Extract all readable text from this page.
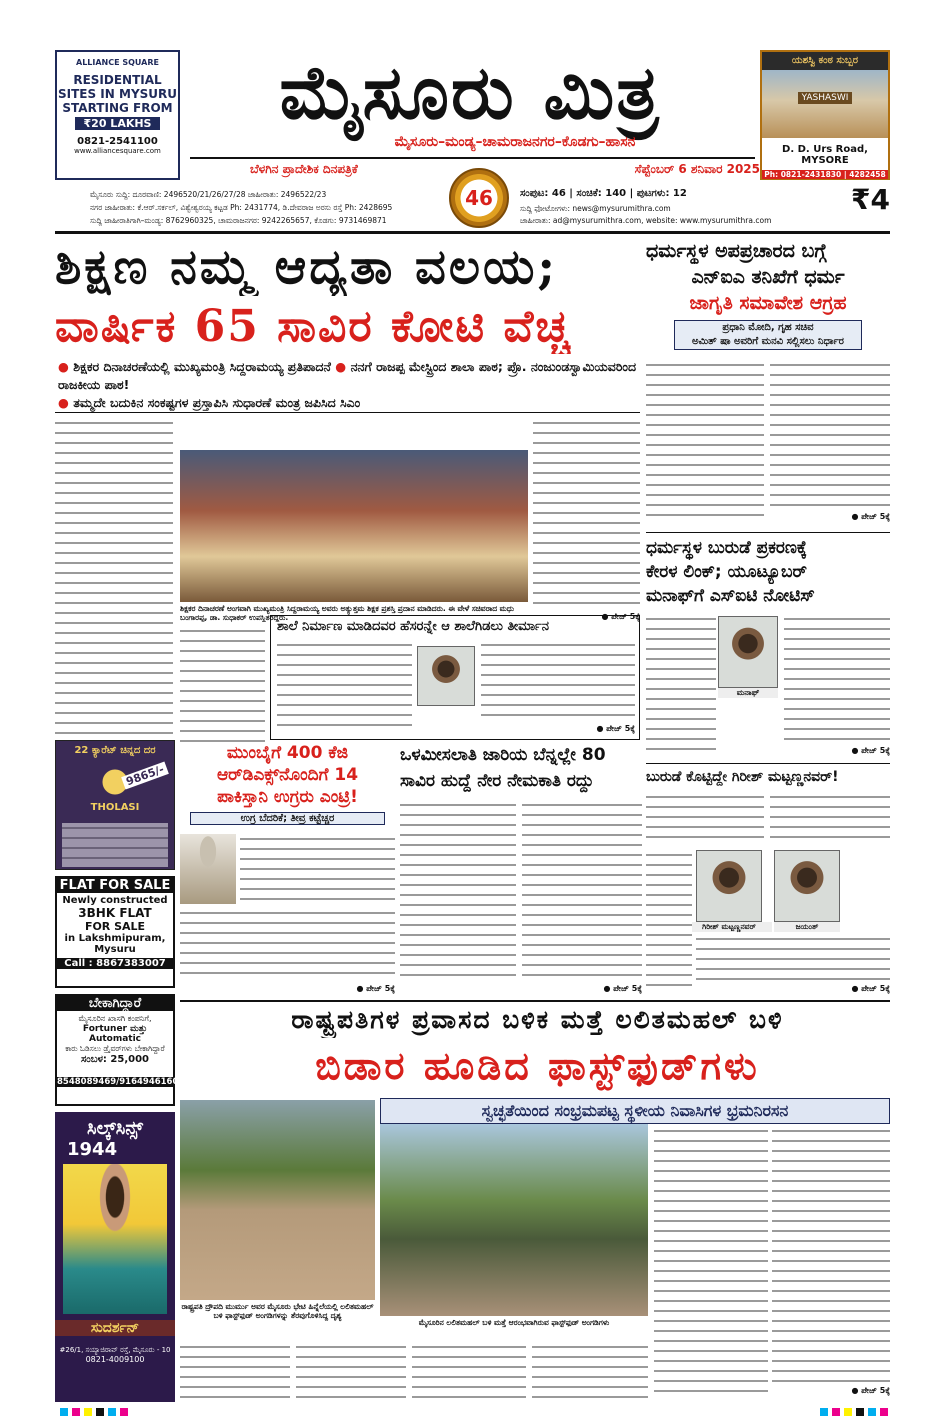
ALLIANCE SQUARE
RESIDENTIAL
SITES IN MYSURU
STARTING FROM
₹20 LAKHS
0821-2541100
www.alliancesquare.com
ಮೈಸೂರು ಮಿತ್ರ
ಮೈಸೂರು–ಮಂಡ್ಯ–ಚಾಮರಾಜನಗರ–ಕೊಡಗು–ಹಾಸನ
ಬೆಳಗಿನ ಪ್ರಾದೇಶಿಕ ದಿನಪತ್ರಿಕೆ	ಸೆಪ್ಟೆಂಬರ್ 6 ಶನಿವಾರ 2025
46
ಯಶಸ್ವಿ ಕಂಠ ಸುಬ್ಬರ
YASHASWI
D. D. Urs Road, MYSORE
Ph: 0821-2431830 | 4282458
ಸಂಪುಟ: 46 | ಸಂಚಿಕೆ: 140 | ಪುಟಗಳು: 12	₹4
ಮೈಸೂರು ಸುದ್ದಿ: ದೂರವಾಣಿ: 2496520/21/26/27/28 ಜಾಹೀರಾತು: 2496522/23
ನಗರ ಜಾಹೀರಾತು: ಕೆ.ಆರ್.ಸರ್ಕಲ್, ವಿಶ್ವೇಶ್ವರಯ್ಯ ಕಟ್ಟಡ Ph: 2431774, ಡಿ.ದೇವರಾಜ ಅರಸು ರಸ್ತೆ Ph: 2428695
ಸುದ್ದಿ ಜಾಹೀರಾತಿಗಾಗಿ–ಮಂಡ್ಯ: 8762960325, ಚಾಮರಾಜನಗರ: 9242265657, ಕೊಡಗು: 9731469871
ಸುದ್ದಿ ಫೋಟೋಗಳು: news@mysurumithra.com
ಜಾಹೀರಾತು: ad@mysurumithra.com, website: www.mysurumithra.com
ಶಿಕ್ಷಣ ನಮ್ಮ ಆದ್ಯತಾ ವಲಯ;
ವಾರ್ಷಿಕ 65 ಸಾವಿರ ಕೋಟಿ ವೆಚ್ಚ
● ಶಿಕ್ಷಕರ ದಿನಾಚರಣೆಯಲ್ಲಿ ಮುಖ್ಯಮಂತ್ರಿ ಸಿದ್ದರಾಮಯ್ಯ ಪ್ರತಿಪಾದನೆ ● ನನಗೆ ರಾಜಪ್ಪ ಮೇಸ್ಟ್ರಿಂದ ಶಾಲಾ ಪಾಠ; ಪ್ರೊ. ನಂಜುಂಡಸ್ವಾಮಿಯವರಿಂದ ರಾಜಕೀಯ ಪಾಠ!
● ತಮ್ಮದೇ ಬದುಕಿನ ಸಂಕಷ್ಟಗಳ ಪ್ರಸ್ತಾಪಿಸಿ ಸುಧಾರಣೆ ಮಂತ್ರ ಜಪಿಸಿದ ಸಿಎಂ
ಶಿಕ್ಷಕರ ದಿನಾಚರಣೆ ಅಂಗವಾಗಿ ಮುಖ್ಯಮಂತ್ರಿ ಸಿದ್ದರಾಮಯ್ಯ ಅವರು ಅತ್ಯುತ್ತಮ ಶಿಕ್ಷಕ ಪ್ರಶಸ್ತಿ ಪ್ರದಾನ ಮಾಡಿದರು. ಈ ವೇಳೆ ಸಚಿವರಾದ ಮಧು ಬಂಗಾರಪ್ಪ, ಡಾ. ಸುಧಾಕರ್ ಉಪಸ್ಥಿತರಿದ್ದರು.	● ಪೇಜ್ 5ಕ್ಕೆ
ಶಾಲೆ ನಿರ್ಮಾಣ ಮಾಡಿದವರ ಹೆಸರನ್ನೇ ಆ ಶಾಲೆಗಿಡಲು ತೀರ್ಮಾನ
● ಪೇಜ್ 5ಕ್ಕೆ
ಧರ್ಮಸ್ಥಳ ಅಪಪ್ರಚಾರದ ಬಗ್ಗೆ
ಎನ್‌ಐಎ ತನಿಖೆಗೆ ಧರ್ಮ
ಜಾಗೃತಿ ಸಮಾವೇಶ ಆಗ್ರಹ
ಪ್ರಧಾನಿ ಮೋದಿ, ಗೃಹ ಸಚಿವ
ಅಮಿತ್ ಷಾ ಅವರಿಗೆ ಮನವಿ ಸಲ್ಲಿಸಲು ನಿರ್ಧಾರ
● ಪೇಜ್ 5ಕ್ಕೆ
ಧರ್ಮಸ್ಥಳ ಬುರುಡೆ ಪ್ರಕರಣಕ್ಕೆ
ಕೇರಳ ಲಿಂಕ್; ಯೂಟ್ಯೂಬರ್
ಮನಾಫ್‌ಗೆ ಎಸ್‌ಐಟಿ ನೋಟಿಸ್
ಮನಾಫ್
● ಪೇಜ್ 5ಕ್ಕೆ
22 ಕ್ಯಾರೆಟ್ ಚಿನ್ನದ ದರ
THOLASI
9865/-
FLAT FOR SALE
Newly constructed
3BHK FLAT
FOR SALE
in Lakshmipuram,
Mysuru
Call : 8867383007
ಬೇಕಾಗಿದ್ದಾರೆ
ಮೈಸೂರಿನ ಖಾಸಗಿ ಕಂಪನಿಗೆ,
Fortuner ಮತ್ತು Automatic
ಕಾರು ಓಡಿಸಲು ಡ್ರೈವರ್‌ಗಳು ಬೇಕಾಗಿದ್ದಾರೆ
ಸಂಬಳ: 25,000
8548089469/9164946160
ಸಿಲ್ಕ್‌ಸಿನ್ಸ್
1944
ಸುದರ್ಶನ್
#26/1, ಸಯ್ಯಾಜಿರಾವ್ ರಸ್ತೆ, ಮೈಸೂರು - 10
0821-4009100
ಮುಂಬೈಗೆ 400 ಕೆಜಿ
ಆರ್‌ಡಿಎಕ್ಸ್‌ನೊಂದಿಗೆ 14
ಪಾಕಿಸ್ತಾನಿ ಉಗ್ರರು ಎಂಟ್ರಿ!
ಉಗ್ರ ಬೆದರಿಕೆ; ತೀವ್ರ ಕಟ್ಟೆಚ್ಚರ
● ಪೇಜ್ 5ಕ್ಕೆ
ಒಳಮೀಸಲಾತಿ ಜಾರಿಯ ಬೆನ್ನಲ್ಲೇ 80
ಸಾವಿರ ಹುದ್ದೆ ನೇರ ನೇಮಕಾತಿ ರದ್ದು
● ಪೇಜ್ 5ಕ್ಕೆ
ಬುರುಡೆ ಕೊಟ್ಟಿದ್ದೇ ಗಿರೀಶ್ ಮಟ್ಟಣ್ಣನವರ್!
ಗಿರೀಶ್ ಮಟ್ಟಣ್ಣನವರ್	ಜಯಂತ್
● ಪೇಜ್ 5ಕ್ಕೆ
ರಾಷ್ಟ್ರಪತಿಗಳ ಪ್ರವಾಸದ ಬಳಿಕ ಮತ್ತೆ ಲಲಿತಮಹಲ್ ಬಳಿ
ಬಿಡಾರ ಹೂಡಿದ ಫಾಸ್ಟ್‌ಫುಡ್‌ಗಳು
ಸ್ವಚ್ಛತೆಯಿಂದ ಸಂಭ್ರಮಪಟ್ಟ ಸ್ಥಳೀಯ ನಿವಾಸಿಗಳ ಭ್ರಮನಿರಸನ
ರಾಷ್ಟ್ರಪತಿ ದ್ರೌಪದಿ ಮುರ್ಮು ಅವರ ಮೈಸೂರು ಭೇಟಿ ಹಿನ್ನೆಲೆಯಲ್ಲಿ ಲಲಿತಮಹಲ್ ಬಳಿ ಫಾಸ್ಟ್‌ಫುಡ್ ಅಂಗಡಿಗಳನ್ನು ತೆರವುಗೊಳಿಸಿದ್ದ ದೃಶ್ಯ
ಮೈಸೂರಿನ ಲಲಿತಮಹಲ್ ಬಳಿ ಮತ್ತೆ ಆರಂಭವಾಗಿರುವ ಫಾಸ್ಟ್‌ಫುಡ್ ಅಂಗಡಿಗಳು
● ಪೇಜ್ 5ಕ್ಕೆ
